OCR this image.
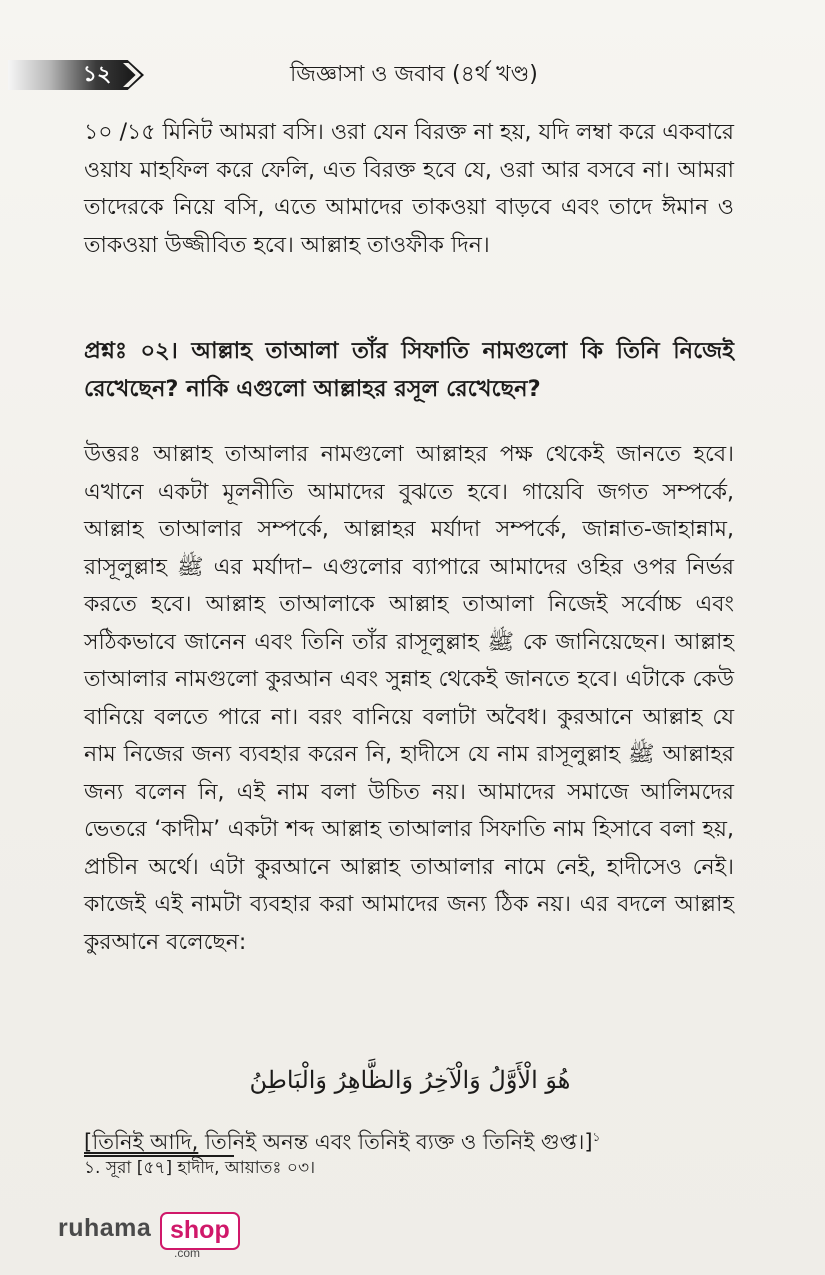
১২	জিজ্ঞাসা ও জবাব (৪র্থ খণ্ড)

১০ /১৫ মিনিট আমরা বসি। ওরা যেন বিরক্ত না হয়, যদি লম্বা করে একবারে ওয়ায মাহফিল করে ফেলি, এত বিরক্ত হবে যে, ওরা আর বসবে না। আমরা তাদেরকে নিয়ে বসি, এতে আমাদের তাকওয়া বাড়বে এবং তাদে ঈমান ও তাকওয়া উজ্জীবিত হবে। আল্লাহ তাওফীক দিন।

প্রশ্নঃ ০২। আল্লাহ তাআলা তাঁর সিফাতি নামগুলো কি তিনি নিজেই রেখেছেন? নাকি এগুলো আল্লাহর রসূল রেখেছেন?

উত্তরঃ আল্লাহ তাআলার নামগুলো আল্লাহর পক্ষ থেকেই জানতে হবে। এখানে একটা মূলনীতি আমাদের বুঝতে হবে। গায়েবি জগত সম্পর্কে, আল্লাহ তাআলার সম্পর্কে, আল্লাহর মর্যাদা সম্পর্কে, জান্নাত-জাহান্নাম, রাসূলুল্লাহ ﷺ এর মর্যাদা– এগুলোর ব্যাপারে আমাদের ওহির ওপর নির্ভর করতে হবে। আল্লাহ তাআলাকে আল্লাহ তাআলা নিজেই সর্বোচ্চ এবং সঠিকভাবে জানেন এবং তিনি তাঁর রাসূলুল্লাহ ﷺ কে জানিয়েছেন। আল্লাহ তাআলার নামগুলো কুরআন এবং সুন্নাহ থেকেই জানতে হবে। এটাকে কেউ বানিয়ে বলতে পারে না। বরং বানিয়ে বলাটা অবৈধ। কুরআনে আল্লাহ যে নাম নিজের জন্য ব্যবহার করেন নি, হাদীসে যে নাম রাসূলুল্লাহ ﷺ আল্লাহর জন্য বলেন নি, এই নাম বলা উচিত নয়। আমাদের সমাজে আলিমদের ভেতরে ‘কাদীম’ একটা শব্দ আল্লাহ তাআলার সিফাতি নাম হিসাবে বলা হয়, প্রাচীন অর্থে। এটা কুরআনে আল্লাহ তাআলার নামে নেই, হাদীসেও নেই। কাজেই এই নামটা ব্যবহার করা আমাদের জন্য ঠিক নয়। এর বদলে আল্লাহ কুরআনে বলেছেন:

هُوَ الْأَوَّلُ وَالْآخِرُ وَالظَّاهِرُ وَالْبَاطِنُ
[তিনিই আদি, তিনিই অনন্ত এবং তিনিই ব্যক্ত ও তিনিই গুপ্ত।]$^১$
১. সূরা [৫৭] হাদীদ, আয়াতঃ ০৩।
ruhama shop
.com
